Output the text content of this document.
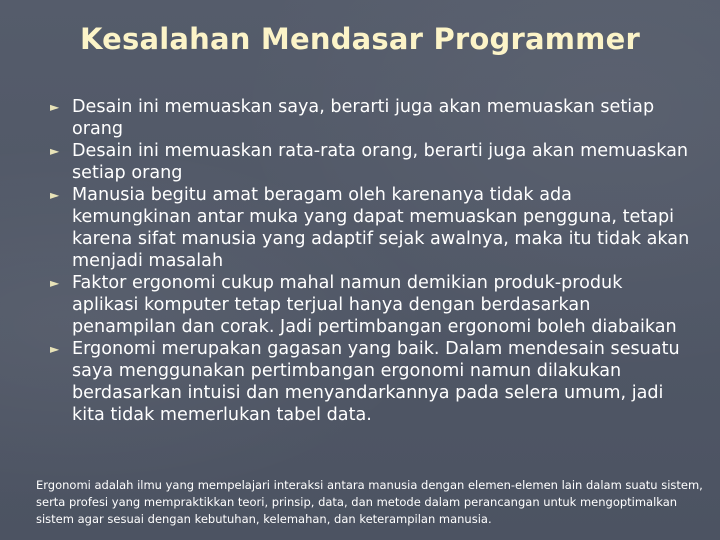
Kesalahan Mendasar Programmer
► Desain ini memuaskan saya, berarti juga akan memuaskan setiap orang
► Desain ini memuaskan rata-rata orang, berarti juga akan memuaskan setiap orang
► Manusia begitu amat beragam oleh karenanya tidak ada kemungkinan antar muka yang dapat memuaskan pengguna, tetapi karena sifat manusia yang adaptif sejak awalnya, maka itu tidak akan menjadi masalah
► Faktor ergonomi cukup mahal namun demikian produk-produk aplikasi komputer tetap terjual hanya dengan berdasarkan penampilan dan corak. Jadi pertimbangan ergonomi boleh diabaikan
► Ergonomi merupakan gagasan yang baik. Dalam mendesain sesuatu saya menggunakan pertimbangan ergonomi namun dilakukan berdasarkan intuisi dan menyandarkannya pada selera umum, jadi kita tidak memerlukan tabel data.
Ergonomi adalah ilmu yang mempelajari interaksi antara manusia dengan elemen-elemen lain dalam suatu sistem, serta profesi yang mempraktikkan teori, prinsip, data, dan metode dalam perancangan untuk mengoptimalkan sistem agar sesuai dengan kebutuhan, kelemahan, dan keterampilan manusia.
